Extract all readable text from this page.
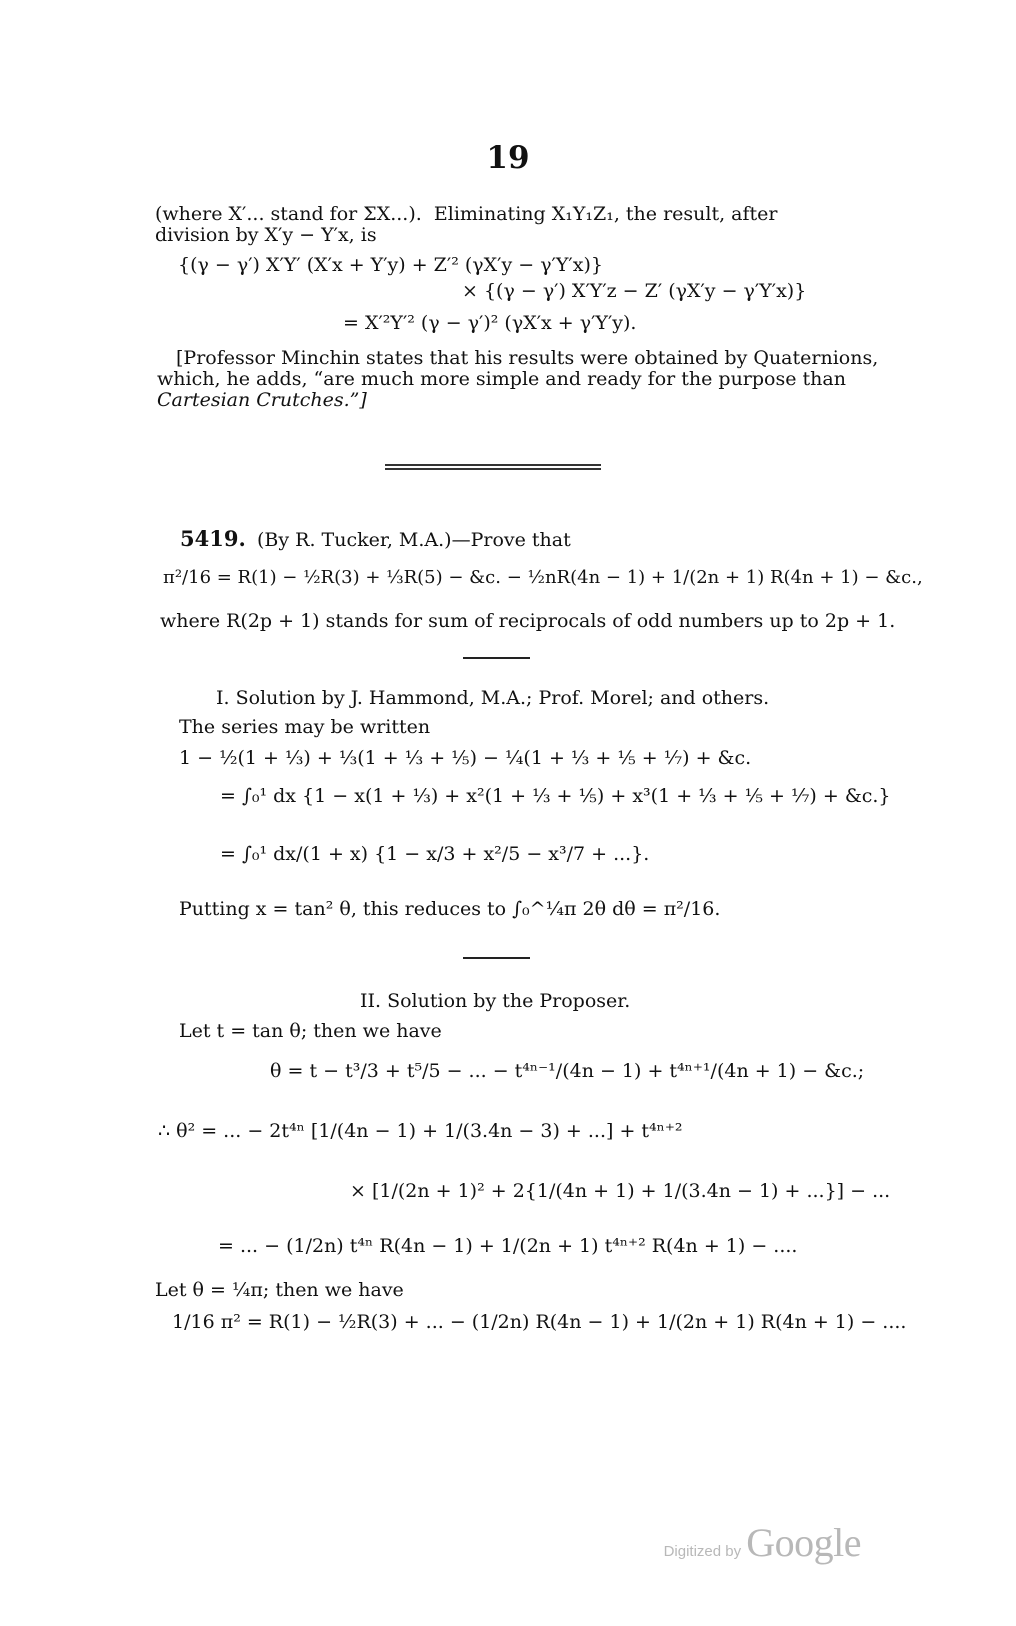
19
(where X′... stand for ΣX...).  Eliminating X₁Y₁Z₁, the result, after
division by X′y − Y′x, is
{(γ − γ′) X′Y′ (X′x + Y′y) + Z′² (γX′y − γ′Y′x)}
× {(γ − γ′) X′Y′z − Z′ (γX′y − γ′Y′x)}
= X′²Y′² (γ − γ′)² (γX′x + γ′Y′y).
[Professor Minchin states that his results were obtained by Quaternions,
which, he adds, “are much more simple and ready for the purpose than
Cartesian Crutches.”]
5419. (By R. Tucker, M.A.)—Prove that
π²/16 = R(1) − ½R(3) + ⅓R(5) − &c. − ½nR(4n − 1) + 1/(2n + 1) R(4n + 1) − &c.,
where R(2p + 1) stands for sum of reciprocals of odd numbers up to 2p + 1.
I. Solution by J. Hammond, M.A.; Prof. Morel; and others.
The series may be written
1 − ½(1 + ⅓) + ⅓(1 + ⅓ + ⅕) − ¼(1 + ⅓ + ⅕ + ⅐) + &c.
= ∫₀¹ dx {1 − x(1 + ⅓) + x²(1 + ⅓ + ⅕) + x³(1 + ⅓ + ⅕ + ⅐) + &c.}
= ∫₀¹ dx/(1 + x) {1 − x/3 + x²/5 − x³/7 + ...}.
Putting x = tan² θ, this reduces to ∫₀^¼π 2θ dθ = π²/16.
II. Solution by the Proposer.
Let t = tan θ; then we have
θ = t − t³/3 + t⁵/5 − ... − t⁴ⁿ⁻¹/(4n − 1) + t⁴ⁿ⁺¹/(4n + 1) − &c.;
∴ θ² = ... − 2t⁴ⁿ [1/(4n − 1) + 1/(3.4n − 3) + ...] + t⁴ⁿ⁺²
× [1/(2n + 1)² + 2{1/(4n + 1) + 1/(3.4n − 1) + ...}] − ...
= ... − (1/2n) t⁴ⁿ R(4n − 1) + 1/(2n + 1) t⁴ⁿ⁺² R(4n + 1) − ....
Let θ = ¼π; then we have
1/16 π² = R(1) − ½R(3) + ... − (1/2n) R(4n − 1) + 1/(2n + 1) R(4n + 1) − ....
Digitized by Google
